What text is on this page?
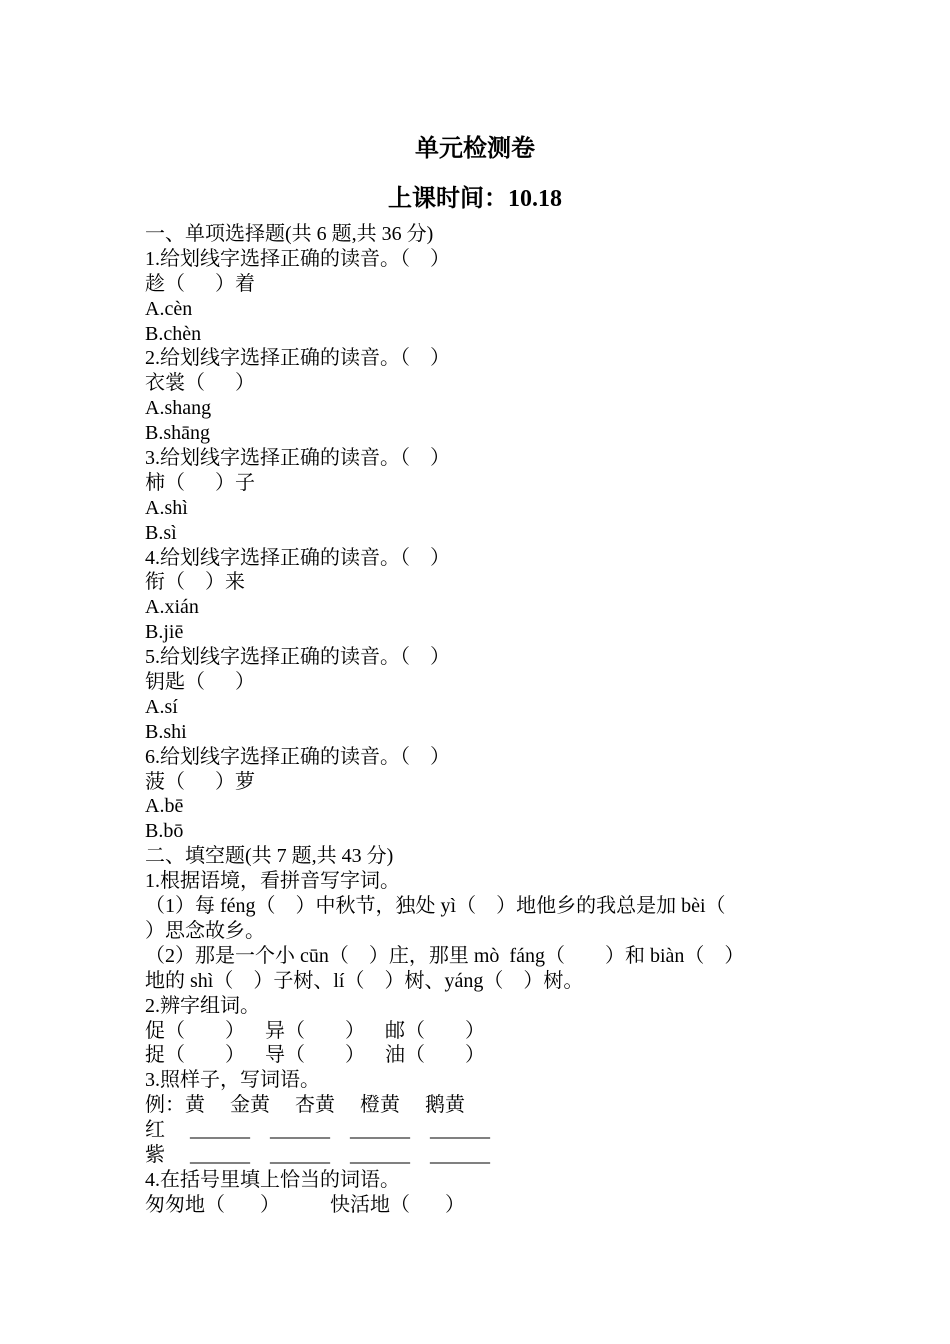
单元检测卷
上课时间：10.18
一、单项选择题(共 6 题,共 36 分)
1.给划线字选择正确的读音。（    ）
趁（      ）着
A.cèn
B.chèn
2.给划线字选择正确的读音。（    ）
衣裳（      ）
A.shang
B.shāng
3.给划线字选择正确的读音。（    ）
柿（      ）子
A.shì
B.sì
4.给划线字选择正确的读音。（    ）
衔（    ）来
A.xián
B.jiē
5.给划线字选择正确的读音。（    ）
钥匙（      ）
A.sí
B.shi
6.给划线字选择正确的读音。（    ）
菠（      ）萝
A.bē
B.bō
二、填空题(共 7 题,共 43 分)
1.根据语境，看拼音写字词。
（1）每 féng（    ）中秋节，独处 yì（    ）地他乡的我总是加 bèi（
）思念故乡。
（2）那是一个小 cūn（    ）庄，那里 mò  fáng（        ）和 biàn（    ）
地的 shì（    ）子树、lí（    ）树、yáng（    ）树。
2.辨字组词。
促（        ）    异（        ）    邮（        ）
捉（        ）    导（        ）    油（        ）
3.照样子，写词语。
例：黄     金黄     杏黄     橙黄     鹅黄
红     ______    ______    ______    ______
紫     ______    ______    ______    ______
4.在括号里填上恰当的词语。
匆匆地（       ）          快活地（       ）
